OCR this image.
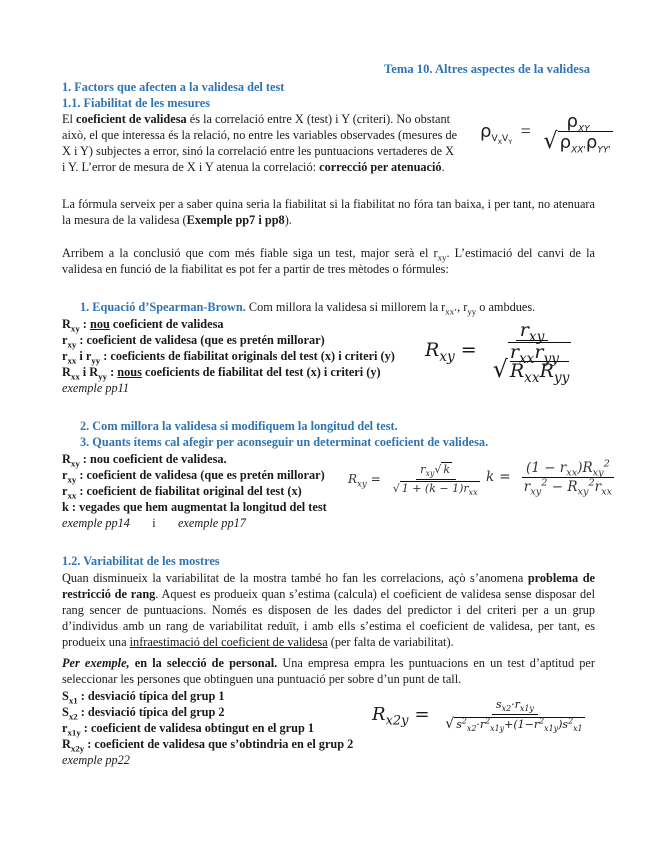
Tema 10. Altres aspectes de la validesa
1. Factors que afecten a la validesa del test
1.1. Fiabilitat de les mesures
El coeficient de validesa és la correlació entre X (test) i Y (criteri). No obstant
això, el que interessa és la relació, no entre les variables observades (mesures de
X i Y) subjectes a error, sinó la correlació entre les puntuacions vertaderes de X
i Y. L’error de mesura de X i Y atenua la correlació: correcció per atenuació.
$\rho_{V_XV_Y} = \frac{\rho_{XY}}{√ \rho_{XX'}\rho_{YY'}}$
La fórmula serveix per a saber quina seria la fiabilitat si la fiabilitat no fóra tan baixa, i per tant, no atenuara la mesura de la validesa (Exemple pp7 i pp8).
Arribem a la conclusió que com més fiable siga un test, major serà el $r_{xy}$. L’estimació del canvi de la validesa en funció de la fiabilitat es pot fer a partir de tres mètodes o fórmules:
1. Equació d’Spearman-Brown. Com millora la validesa si millorem la $r_{xx’}$, $r_{yy}$ o ambdues.
$R_{xy}$ : nou coeficient de validesa
$r_{xy}$ : coeficient de validesa (que es pretén millorar)
$r_{xx}$ i $r_{yy}$ : coeficients de fiabilitat originals del test (x) i criteri (y)
$R_{xx}$ i $R_{yy}$ : nous coeficients de fiabilitat del test (x) i criteri (y)
exemple pp11
$R_{xy} = r_{xy}$
√
$r_{xx}r_{yy}$
$R_{xx}R_{yy}$
2. Com millora la validesa si modifiquem la longitud del test.
3. Quants ítems cal afegir per aconseguir un determinat coeficient de validesa.
$R_{xy}$ : nou coeficient de validesa.
$r_{xy}$ : coeficient de validesa (que es pretén millorar)
$r_{xx}$ : coeficient de fiabilitat original del test (x)
k : vegades que hem augmentat la longitud del test
exemple pp14 i exemple pp17
$R_{xy} = \frac{r_{xy}√ k}{√ 1 + (k - 1)r_{xx}}$ $k = \frac{(1 - r_{xx})R_{xy}^2}{r_{xy}^2 - R_{xy}^2r_{xx}}$
1.2. Variabilitat de les mostres
Quan disminueix la variabilitat de la mostra també ho fan les correlacions, açò s’anomena problema de restricció de rang. Aquest es produeix quan s’estima (calcula) el coeficient de validesa sense disposar del rang sencer de puntuacions. Només es disposen de les dades del predictor i del criteri per a un grup d’individus amb un rang de variabilitat reduït, i amb ells s’estima el coeficient de validesa, per tant, es produeix una infraestimació del coeficient de validesa (per falta de variabilitat).
Per exemple, en la selecció de personal. Una empresa empra les puntuacions en un test d’aptitud per seleccionar les persones que obtinguen una puntuació per sobre d’un punt de tall.
$S_{x1}$ : desviació típica del grup 1
$S_{x2}$ : desviació típica del grup 2
$r_{x1y}$ : coeficient de validesa obtingut en el grup 1
$R_{x2y}$ : coeficient de validesa que s’obtindria en el grup 2
exemple pp22
$R_{x2y} = \frac{s_{x2}\cdot r_{x1y}}{√ s^2_{x2}\cdot r^2_{x1y}+(1-r^2_{x1y})s^2_{x1}}$
